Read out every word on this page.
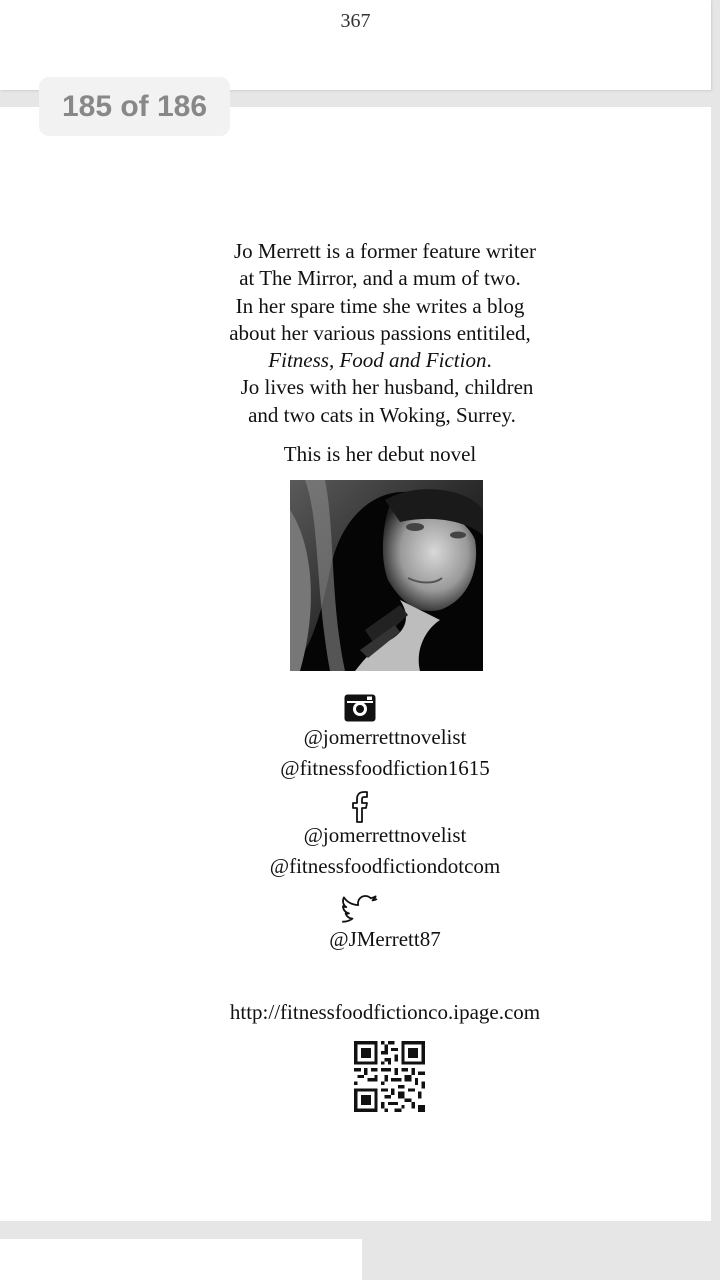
367
185 of 186
Jo Merrett is a former feature writer
at The Mirror, and a mum of two.
In her spare time she writes a blog
about her various passions entitiled,
Fitness, Food and Fiction.
Jo lives with her husband, children
and two cats in Woking, Surrey.
This is her debut novel
@jomerrettnovelist
@fitnessfoodfiction1615
@jomerrettnovelist
@fitnessfoodfictiondotcom
@JMerrett87
http://fitnessfoodfictionco.ipage.com
